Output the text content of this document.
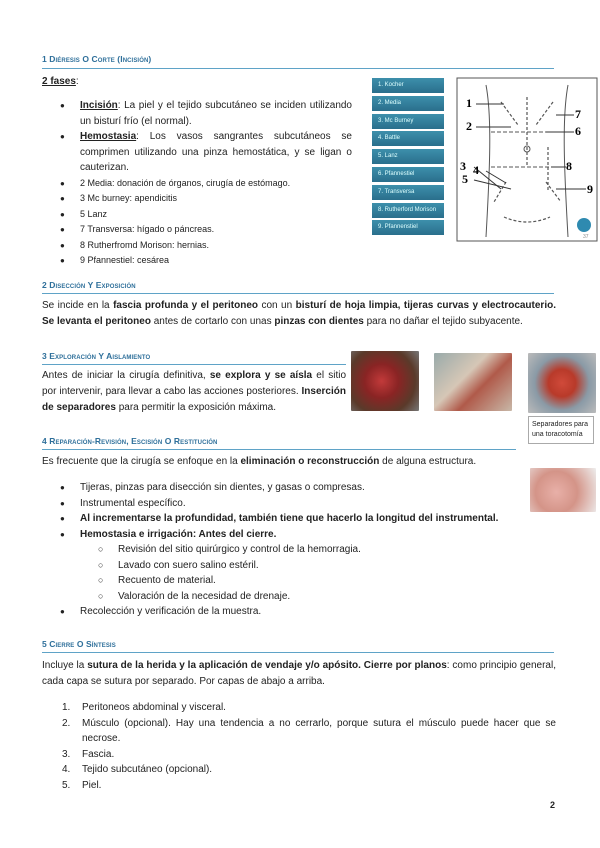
1 Diéresis O Corte (Incisión)
2 fases:
● Incisión: La piel y el tejido subcutáneo se inciden utilizando un bisturí frío (el normal).
● Hemostasia: Los vasos sangrantes subcutáneos se comprimen utilizando una pinza hemostática, y se ligan o cauterizan.
● 2 Media: donación de órganos, cirugía de estómago.
● 3 Mc burney: apendicitis
● 5 Lanz
● 7 Transversa: hígado o páncreas.
● 8 Rutherfromd Morison: hernias.
● 9 Pfannestiel: cesárea
1. Kocher
2. Media
3. Mc Burney
4. Battle
5. Lanz
6. Pfannestiel
7. Transversa
8. Rutherford Morison
9. Pfannenstiel
1
2
3 4
5
6
7
8
9
37
2 Disección Y Exposición
Se incide en la fascia profunda y el peritoneo con un bisturí de hoja limpia, tijeras curvas y electrocauterio. Se levanta el peritoneo antes de cortarlo con unas pinzas con dientes para no dañar el tejido subyacente.
3 Exploración Y Aislamiento
Antes de iniciar la cirugía definitiva, se explora y se aísla el sitio por intervenir, para llevar a cabo las acciones posteriores. Inserción de separadores para permitir la exposición máxima.
Separadores para una toracotomía
4 Reparación-Revisión, Escisión O Restitución
Es frecuente que la cirugía se enfoque en la eliminación o reconstrucción de alguna estructura.
● Tijeras, pinzas para disección sin dientes, y gasas o compresas.
● Instrumental específico.
● Al incrementarse la profundidad, también tiene que hacerlo la longitud del instrumental.
● Hemostasia e irrigación: Antes del cierre.
○ Revisión del sitio quirúrgico y control de la hemorragia.
○ Lavado con suero salino estéril.
○ Recuento de material.
○ Valoración de la necesidad de drenaje.
● Recolección y verificación de la muestra.
5 Cierre O Síntesis
Incluye la sutura de la herida y la aplicación de vendaje y/o apósito. Cierre por planos: como principio general, cada capa se sutura por separado. Por capas de abajo a arriba.
1. Peritoneos abdominal y visceral.
2. Músculo (opcional). Hay una tendencia a no cerrarlo, porque sutura el músculo puede hacer que se necrose.
3. Fascia.
4. Tejido subcutáneo (opcional).
5. Piel.
2
